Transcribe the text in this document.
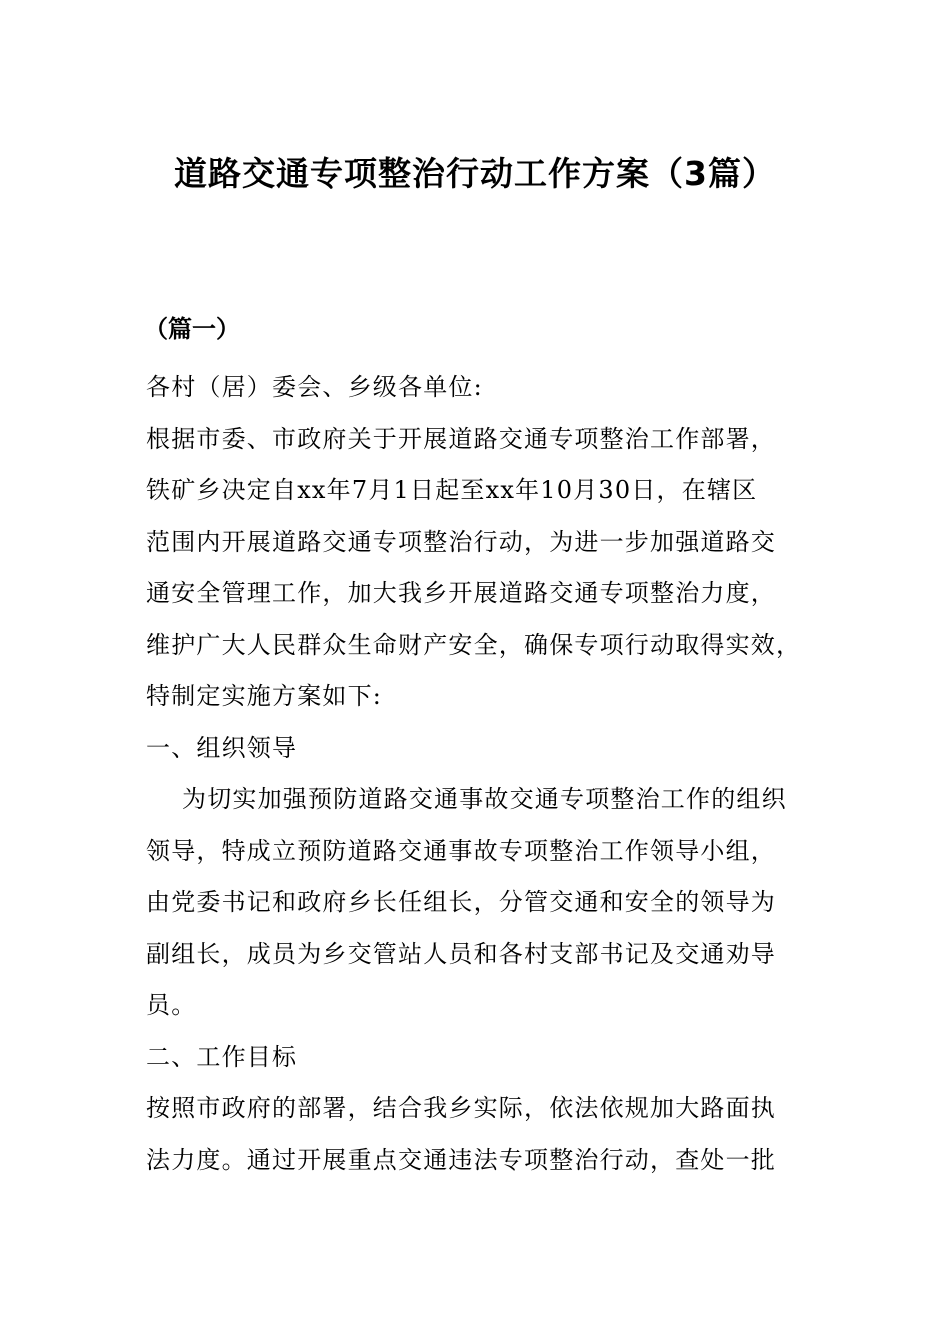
道路交通专项整治行动工作方案（3篇）
（篇一）
各村（居）委会、乡级各单位:
根据市委、市政府关于开展道路交通专项整治工作部署，
铁矿乡决定自xx年7月1日起至xx年10月30日，在辖区
范围内开展道路交通专项整治行动，为进一步加强道路交
通安全管理工作，加大我乡开展道路交通专项整治力度，
维护广大人民群众生命财产安全，确保专项行动取得实效，
特制定实施方案如下:
一、组织领导
为切实加强预防道路交通事故交通专项整治工作的组织
领导，特成立预防道路交通事故专项整治工作领导小组，
由党委书记和政府乡长任组长，分管交通和安全的领导为
副组长，成员为乡交管站人员和各村支部书记及交通劝导
员。
二、工作目标
按照市政府的部署，结合我乡实际，依法依规加大路面执
法力度。通过开展重点交通违法专项整治行动，查处一批
